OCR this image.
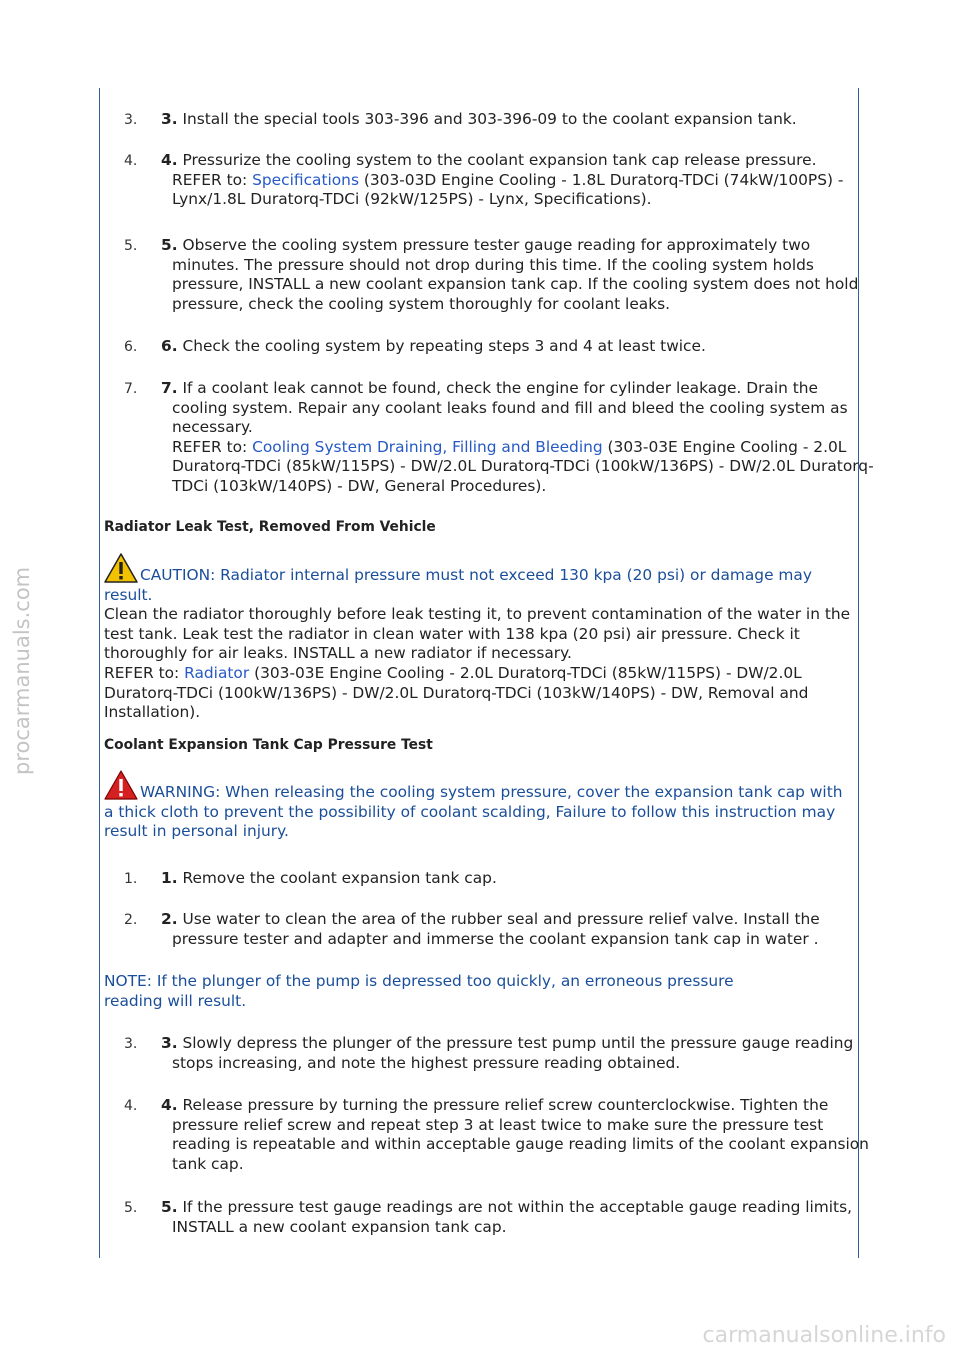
procarmanuals.com
carmanualsonline.info
3. 3. Install the special tools 303-396 and 303-396-09 to the coolant expansion tank.
4. 4. Pressurize the cooling system to the coolant expansion tank cap release pressure.
REFER to: Specifications (303-03D Engine Cooling - 1.8L Duratorq-TDCi (74kW/100PS) - Lynx/1.8L Duratorq-TDCi (92kW/125PS) - Lynx, Specifications).
5. 5. Observe the cooling system pressure tester gauge reading for approximately two minutes. The pressure should not drop during this time. If the cooling system holds pressure, INSTALL a new coolant expansion tank cap. If the cooling system does not hold pressure, check the cooling system thoroughly for coolant leaks.
6. 6. Check the cooling system by repeating steps 3 and 4 at least twice.
7. 7. If a coolant leak cannot be found, check the engine for cylinder leakage. Drain the cooling system. Repair any coolant leaks found and fill and bleed the cooling system as necessary.
REFER to: Cooling System Draining, Filling and Bleeding (303-03E Engine Cooling - 2.0L Duratorq-TDCi (85kW/115PS) - DW/2.0L Duratorq-TDCi (100kW/136PS) - DW/2.0L Duratorq-TDCi (103kW/140PS) - DW, General Procedures).
Radiator Leak Test, Removed From Vehicle
CAUTION: Radiator internal pressure must not exceed 130 kpa (20 psi) or damage may result.
Clean the radiator thoroughly before leak testing it, to prevent contamination of the water in the test tank. Leak test the radiator in clean water with 138 kpa (20 psi) air pressure. Check it thoroughly for air leaks. INSTALL a new radiator if necessary.
REFER to: Radiator (303-03E Engine Cooling - 2.0L Duratorq-TDCi (85kW/115PS) - DW/2.0L Duratorq-TDCi (100kW/136PS) - DW/2.0L Duratorq-TDCi (103kW/140PS) - DW, Removal and Installation).
Coolant Expansion Tank Cap Pressure Test
WARNING: When releasing the cooling system pressure, cover the expansion tank cap with a thick cloth to prevent the possibility of coolant scalding, Failure to follow this instruction may result in personal injury.
1. 1. Remove the coolant expansion tank cap.
2. 2. Use water to clean the area of the rubber seal and pressure relief valve. Install the pressure tester and adapter and immerse the coolant expansion tank cap in water .
NOTE: If the plunger of the pump is depressed too quickly, an erroneous pressure reading will result.
3. 3. Slowly depress the plunger of the pressure test pump until the pressure gauge reading stops increasing, and note the highest pressure reading obtained.
4. 4. Release pressure by turning the pressure relief screw counterclockwise. Tighten the pressure relief screw and repeat step 3 at least twice to make sure the pressure test reading is repeatable and within acceptable gauge reading limits of the coolant expansion tank cap.
5. 5. If the pressure test gauge readings are not within the acceptable gauge reading limits, INSTALL a new coolant expansion tank cap.
